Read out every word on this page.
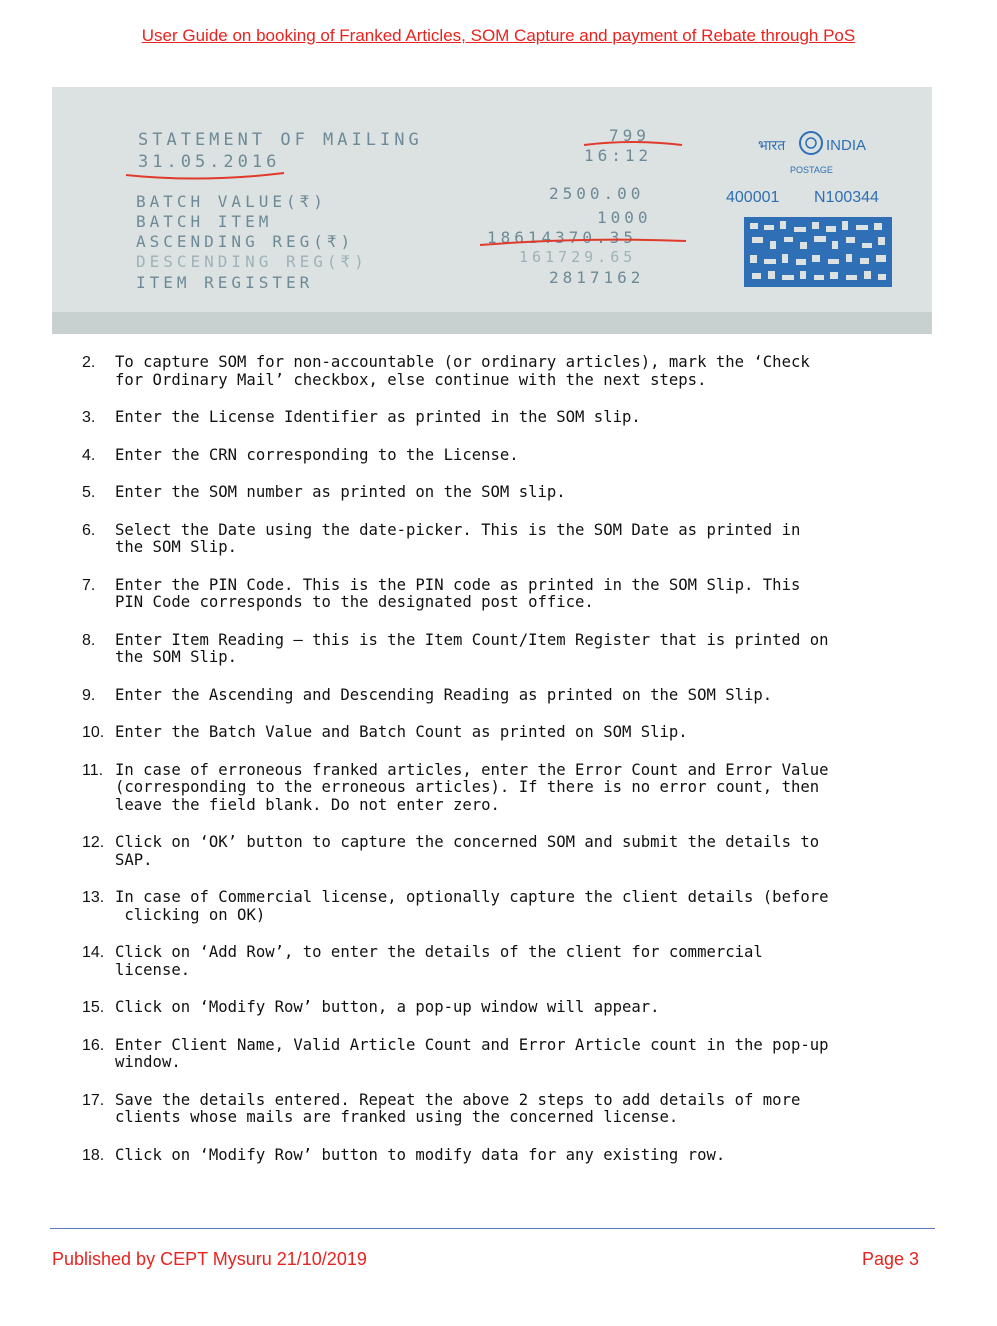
User Guide on booking of Franked Articles, SOM Capture and payment of Rebate through PoS
STATEMENT OF MAILING
31.05.2016
BATCH VALUE(₹)
BATCH ITEM
ASCENDING REG(₹)
DESCENDING REG(₹)
ITEM REGISTER
799
16:12
2500.00
1000
18614370.35
161729.65
2817162
भारत	INDIA
POSTAGE
400001 N100344
2. To capture SOM for non-accountable (or ordinary articles), mark the ‘Check
for Ordinary Mail’ checkbox, else continue with the next steps.
3. Enter the License Identifier as printed in the SOM slip.
4. Enter the CRN corresponding to the License.
5. Enter the SOM number as printed on the SOM slip.
6. Select the Date using the date-picker. This is the SOM Date as printed in
the SOM Slip.
7. Enter the PIN Code. This is the PIN code as printed in the SOM Slip. This
PIN Code corresponds to the designated post office.
8. Enter Item Reading – this is the Item Count/Item Register that is printed on
the SOM Slip.
9. Enter the Ascending and Descending Reading as printed on the SOM Slip.
10. Enter the Batch Value and Batch Count as printed on SOM Slip.
11. In case of erroneous franked articles, enter the Error Count and Error Value
(corresponding to the erroneous articles). If there is no error count, then
leave the field blank. Do not enter zero.
12. Click on ‘OK’ button to capture the concerned SOM and submit the details to
SAP.
13. In case of Commercial license, optionally capture the client details (before
clicking on OK)
14. Click on ‘Add Row’, to enter the details of the client for commercial
license.
15. Click on ‘Modify Row’ button, a pop-up window will appear.
16. Enter Client Name, Valid Article Count and Error Article count in the pop-up
window.
17. Save the details entered. Repeat the above 2 steps to add details of more
clients whose mails are franked using the concerned license.
18. Click on ‘Modify Row’ button to modify data for any existing row.
Published by CEPT Mysuru 21/10/2019	Page 3
